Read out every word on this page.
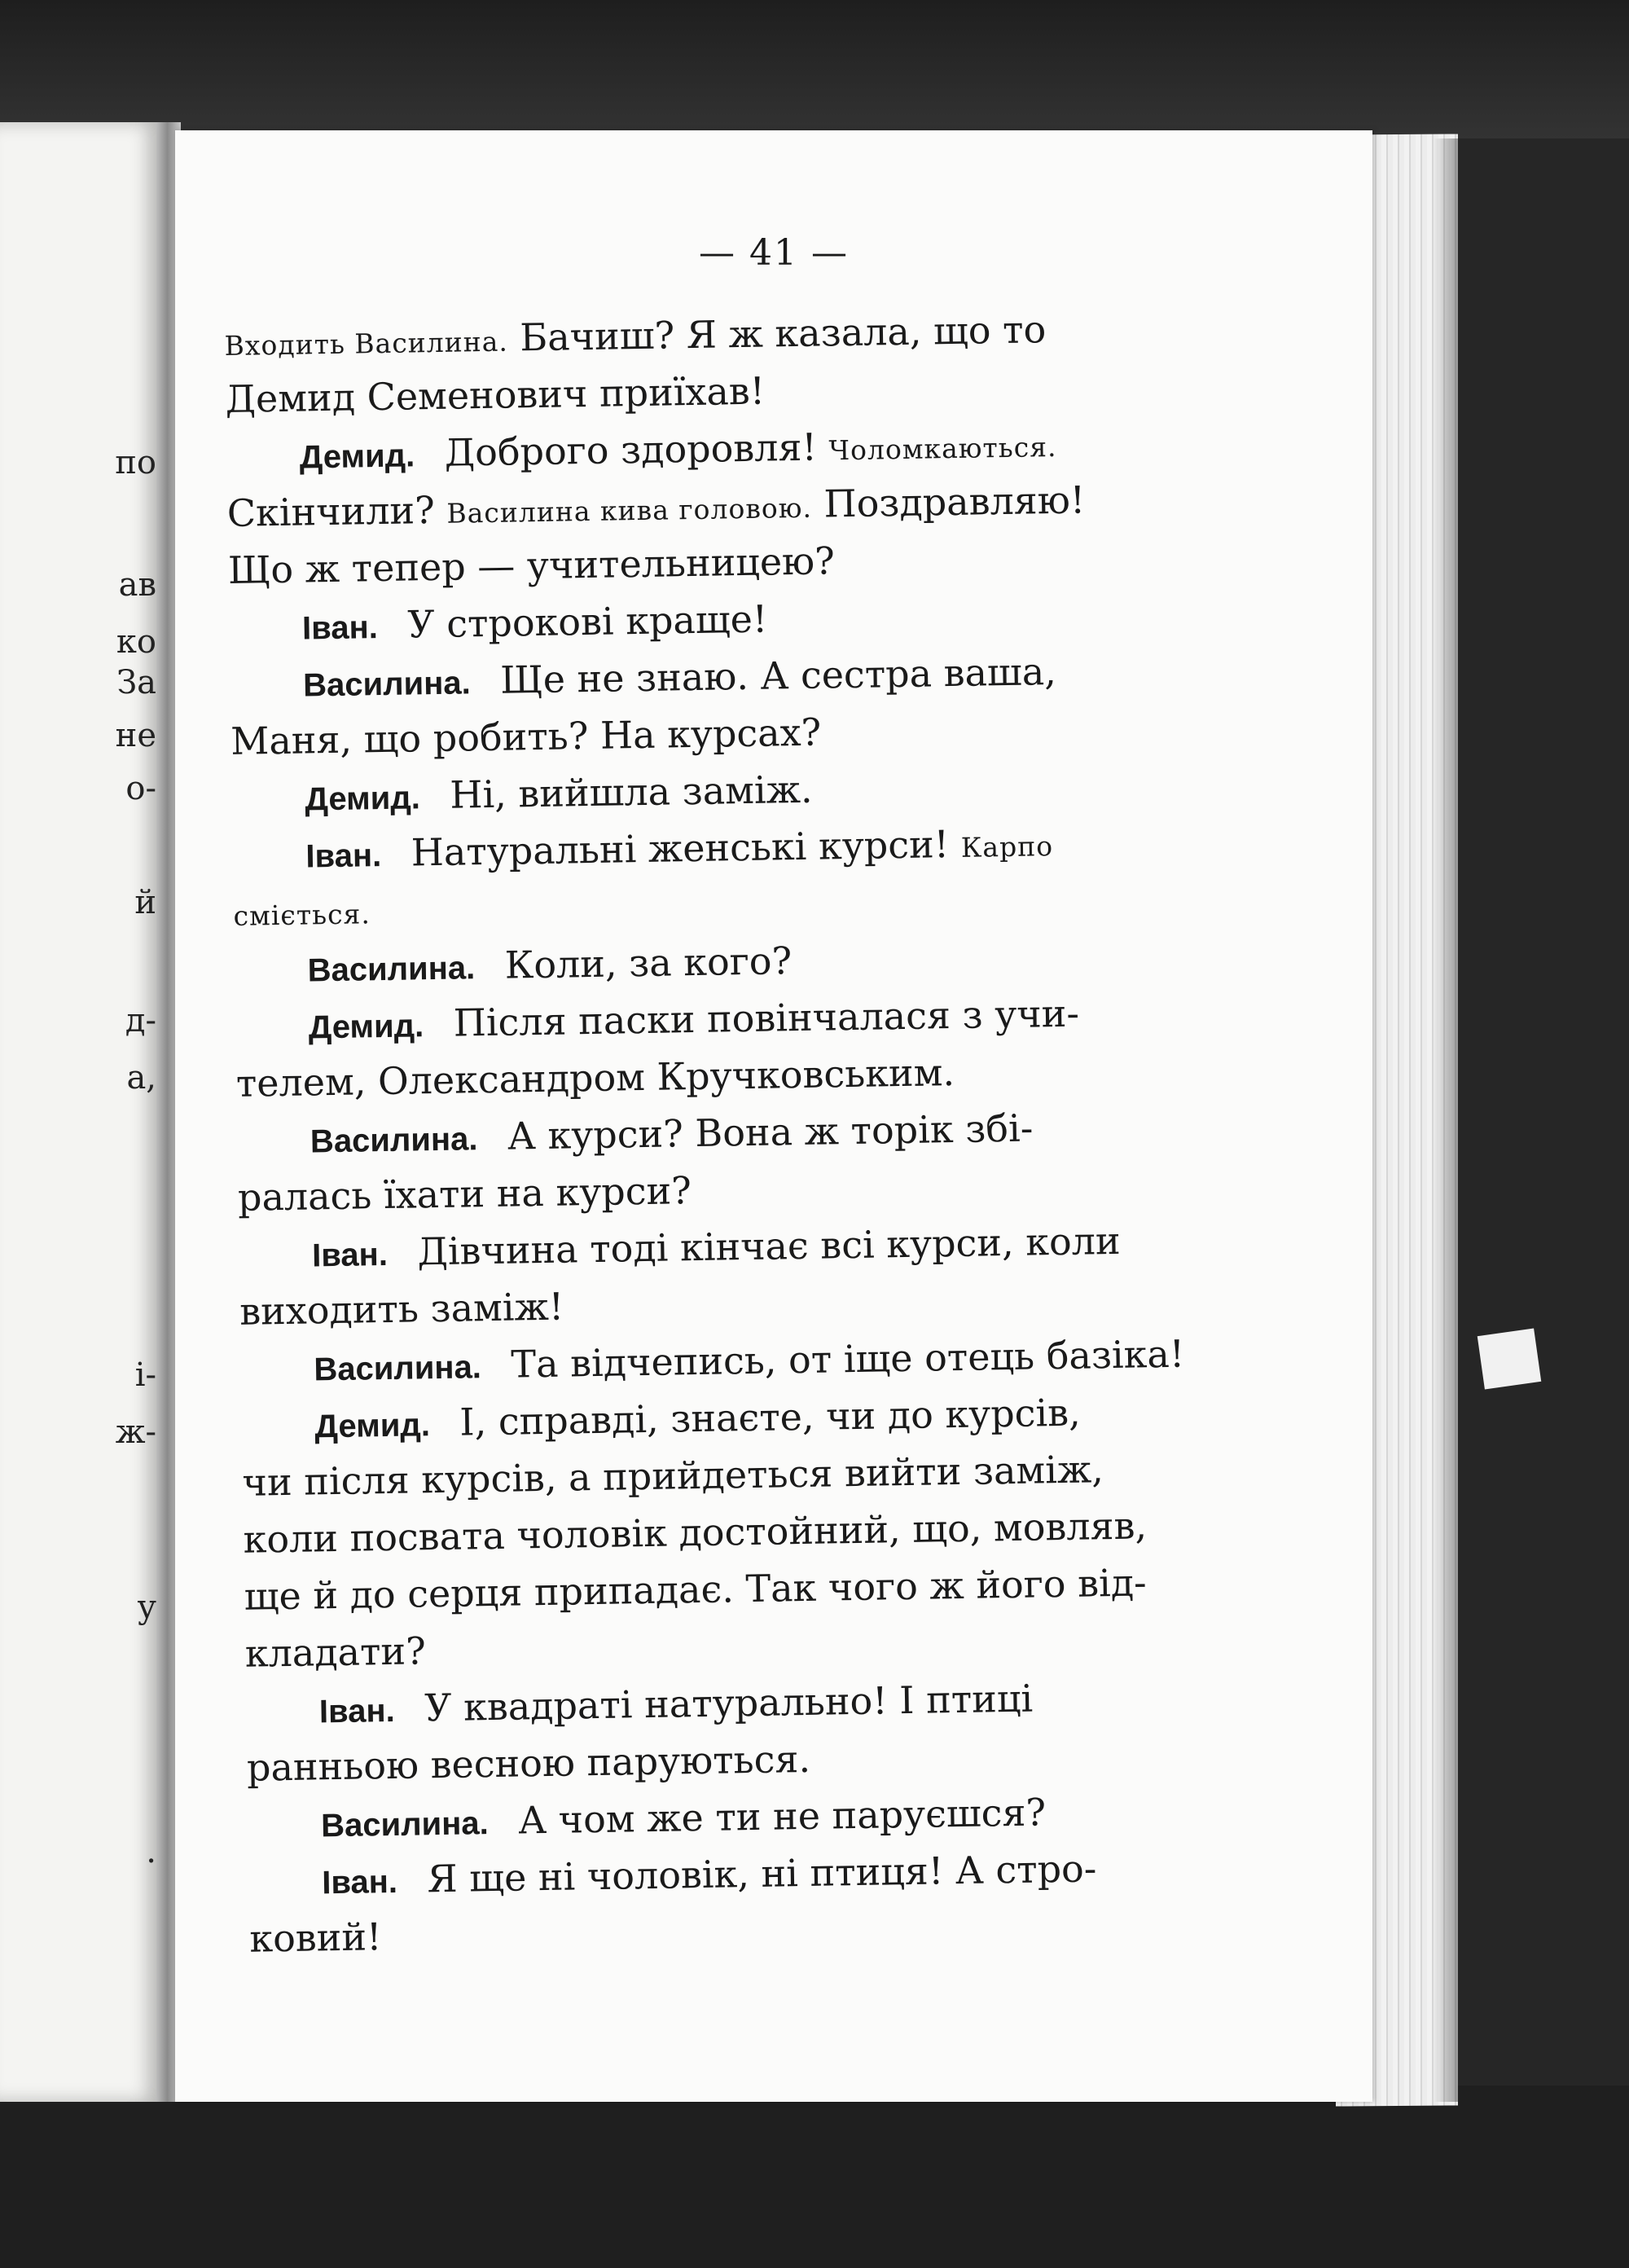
по
ав
ко
За
не
о-
й
д-
а,
і-
ж-
у
.
— 41 —
Входить Василина. Бачиш? Я ж казала, що то
Демид Семенович приїхав!
Демид. Доброго здоровля! Чоломкаються.
Скінчили? Василина кива головою. Поздравляю!
Що ж тепер — учительницею?
Іван. У строкові краще!
Василина. Ще не знаю. А сестра ваша,
Маня, що робить? На курсах?
Демид. Ні, вийшла заміж.
Іван. Натуральні женські курси! Карпо
сміється.
Василина. Коли, за кого?
Демид. Після паски повінчалася з учи-
телем, Олександром Кручковським.
Василина. А курси? Вона ж торік збі-
ралась їхати на курси?
Іван. Дівчина тоді кінчає всі курси, коли
виходить заміж!
Василина. Та відчепись, от іще отець базіка!
Демид. І, справді, знаєте, чи до курсів,
чи після курсів, а прийдеться вийти заміж,
коли посвата чоловік достойний, що, мовляв,
ще й до серця припадає. Так чого ж його від-
кладати?
Іван. У квадраті натурально! І птиці
ранньою весною паруються.
Василина. А чом же ти не паруєшся?
Іван. Я ще ні чоловік, ні птиця! А стро-
ковий!
